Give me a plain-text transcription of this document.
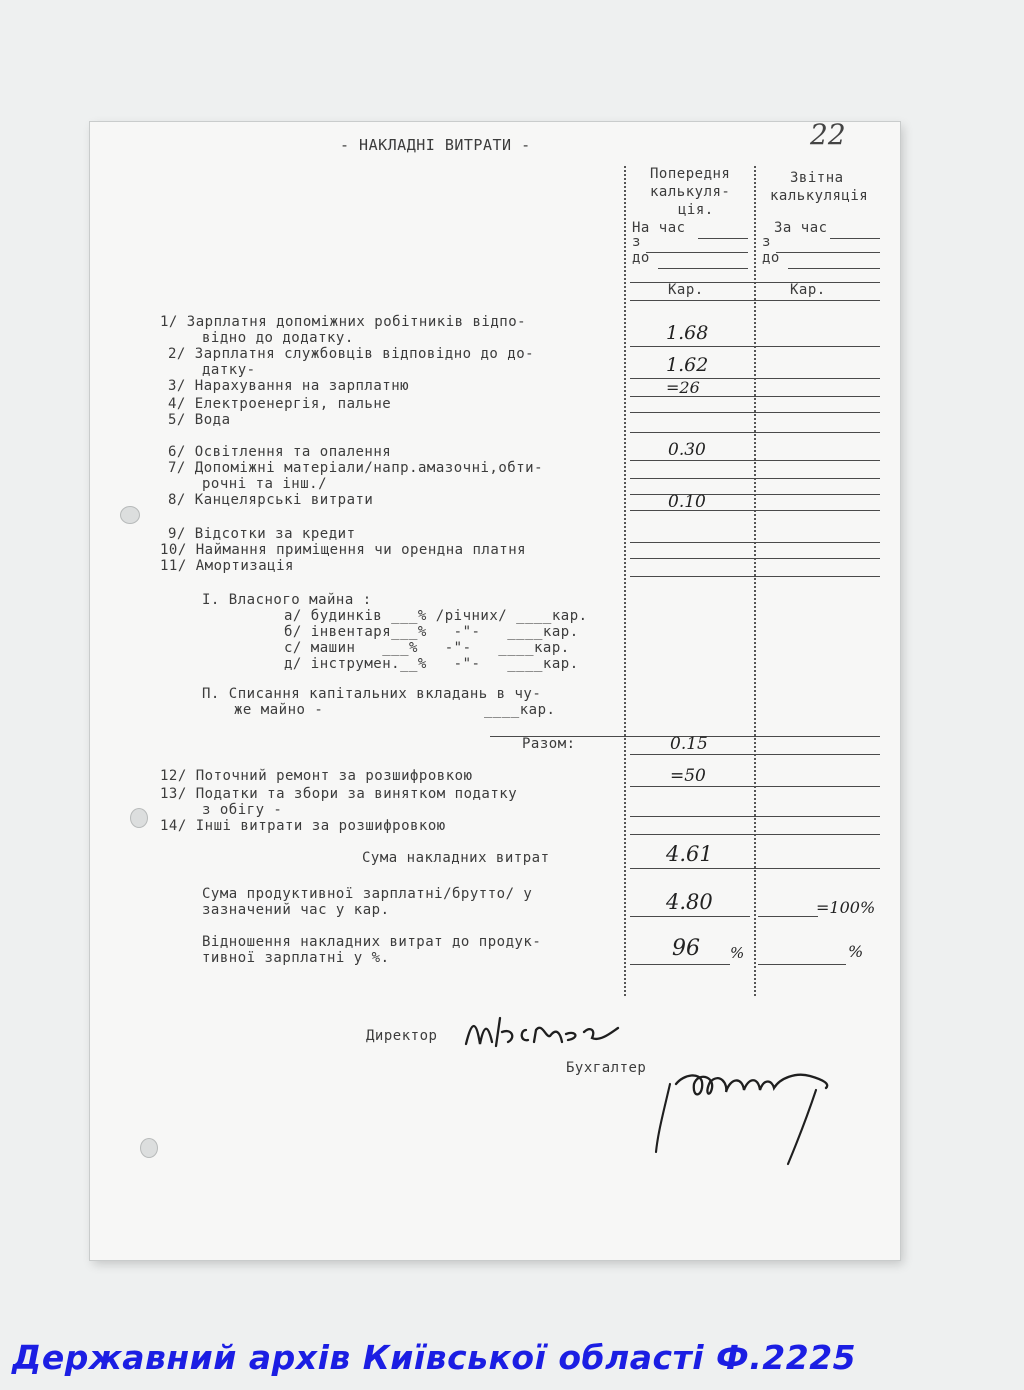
- НАКЛАДНІ ВИТРАТИ -	22
Попередня
калькуля-
ція.
На час
з
до
Кар.
Звітна
калькуляція
За час
з
до
Кар.
1/ Зарплатня допоміжних робітників відпо-
відно до додатку.	1.68
2/ Зарплатня службовців відповідно до до-
датку-	1.62
3/ Нарахування на зарплатню	=26
4/ Електроенергія, пальне
5/ Вода
6/ Освітлення та опалення	0.30
7/ Допоміжні матеріали/напр.амазочні,обти-
рочні та інш./
8/ Канцелярські витрати	0.10
9/ Відсотки за кредит
10/ Наймання приміщення чи орендна платня
11/ Амортизація
I. Власного майна :
а/ будинків ___% /річних/ ____кар.
б/ інвентаря___%   -"-   ____кар.
с/ машин   ___%   -"-   ____кар.
д/ інструмен.__%   -"-   ____кар.
П. Списання капітальних вкладань в чу-
же майно -                  ____кар.
Разом:	0.15
12/ Поточний ремонт за розшифровкою	=50
13/ Податки та збори за винятком податку
з обігу -
14/ Інші витрати за розшифровкою
Сума накладних витрат	4.61
Сума продуктивної зарплатні/брутто/ у
зазначений час у кар.	4.80	=100%
Відношення накладних витрат до продук-
тивної зарплатні у %.	96 %	%
Директор
Бухгалтер
Державний архів Київської області Ф.2225
